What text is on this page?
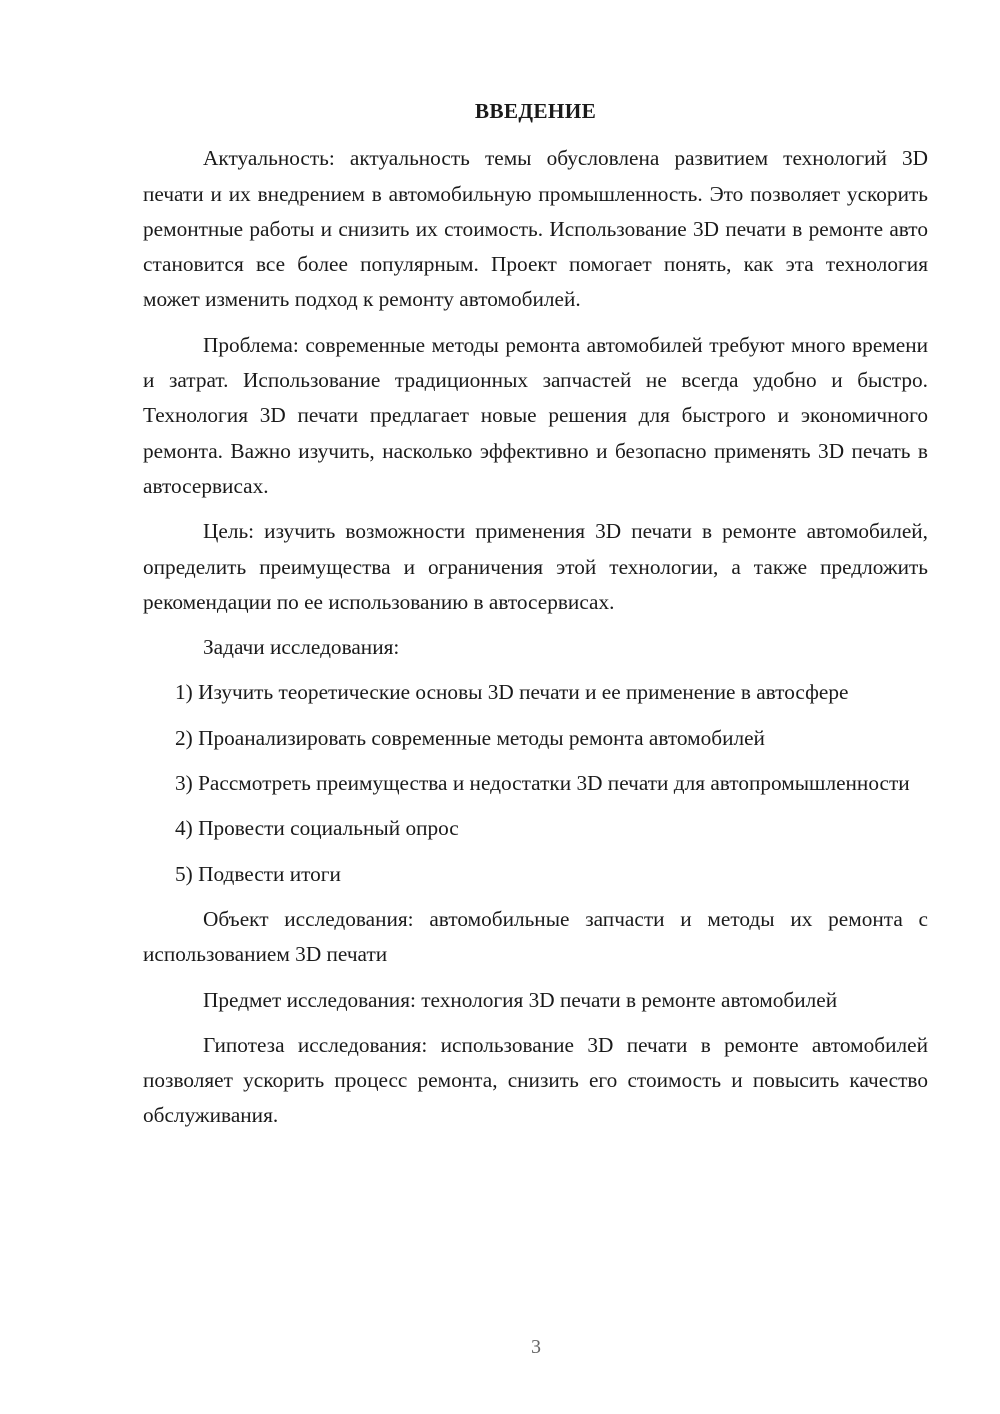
ВВЕДЕНИЕ

Актуальность: актуальность темы обусловлена развитием технологий 3D печати и их внедрением в автомобильную промышленность. Это позволяет ускорить ремонтные работы и снизить их стоимость. Использование 3D печати в ремонте авто становится все более популярным. Проект помогает понять, как эта технология может изменить подход к ремонту автомобилей.

Проблема: современные методы ремонта автомобилей требуют много времени и затрат. Использование традиционных запчастей не всегда удобно и быстро. Технология 3D печати предлагает новые решения для быстрого и экономичного ремонта. Важно изучить, насколько эффективно и безопасно применять 3D печать в автосервисах.

Цель: изучить возможности применения 3D печати в ремонте автомобилей, определить преимущества и ограничения этой технологии, а также предложить рекомендации по ее использованию в автосервисах.

Задачи исследования:

1) Изучить теоретические основы 3D печати и ее применение в автосфере

2) Проанализировать современные методы ремонта автомобилей

3) Рассмотреть преимущества и недостатки 3D печати для автопромышленности

4) Провести социальный опрос

5) Подвести итоги

Объект исследования: автомобильные запчасти и методы их ремонта с использованием 3D печати

Предмет исследования: технология 3D печати в ремонте автомобилей

Гипотеза исследования: использование 3D печати в ремонте автомобилей позволяет ускорить процесс ремонта, снизить его стоимость и повысить качество обслуживания.

3
